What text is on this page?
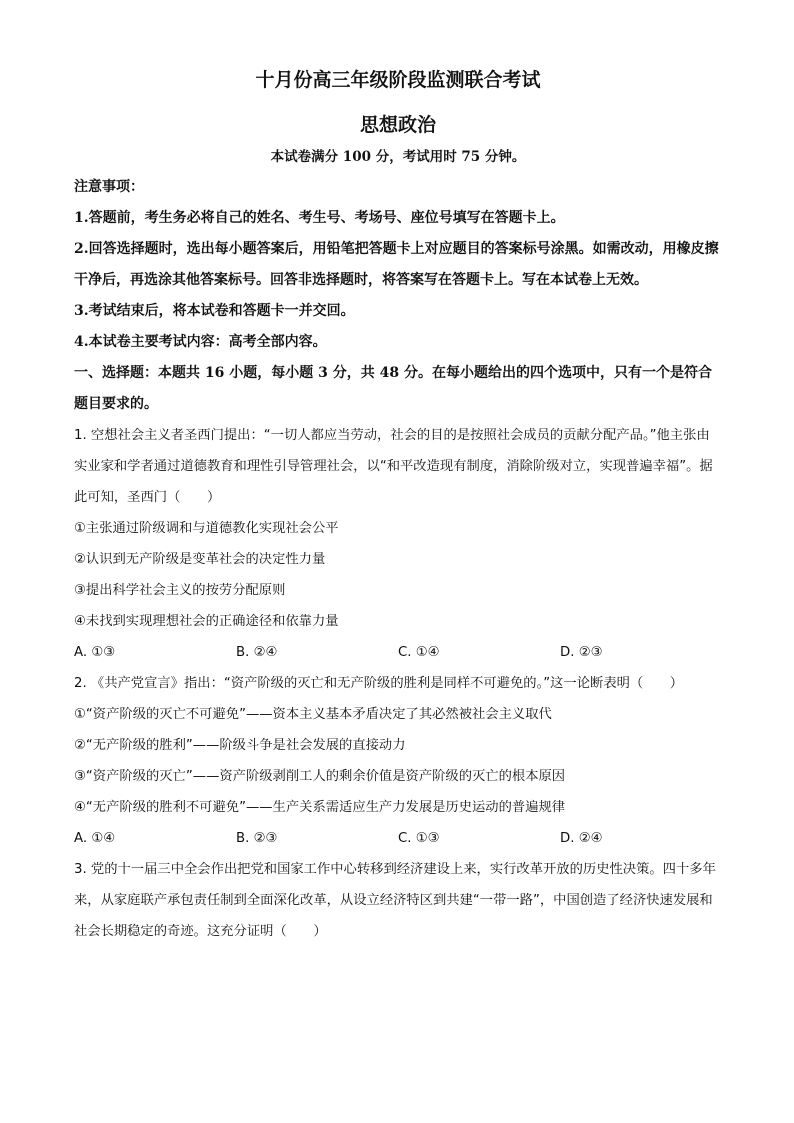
十月份高三年级阶段监测联合考试
思想政治
本试卷满分 100 分，考试用时 75 分钟。
注意事项：
1.答题前，考生务必将自己的姓名、考生号、考场号、座位号填写在答题卡上。
2.回答选择题时，选出每小题答案后，用铅笔把答题卡上对应题目的答案标号涂黑。如需改动，用橡皮擦干净后，再选涂其他答案标号。回答非选择题时，将答案写在答题卡上。写在本试卷上无效。
3.考试结束后，将本试卷和答题卡一并交回。
4.本试卷主要考试内容：高考全部内容。
一、选择题：本题共 16 小题，每小题 3 分，共 48 分。在每小题给出的四个选项中，只有一个是符合题目要求的。
1. 空想社会主义者圣西门提出：“一切人都应当劳动，社会的目的是按照社会成员的贡献分配产品。”他主张由实业家和学者通过道德教育和理性引导管理社会，以“和平改造现有制度，消除阶级对立，实现普遍幸福”。据此可知，圣西门（　　）
①主张通过阶级调和与道德教化实现社会公平
②认识到无产阶级是变革社会的决定性力量
③提出科学社会主义的按劳分配原则
④未找到实现理想社会的正确途径和依靠力量
A. ①③	B. ②④	C. ①④	D. ②③
2. 《共产党宣言》指出：“资产阶级的灭亡和无产阶级的胜利是同样不可避免的。”这一论断表明（　　）
①“资产阶级的灭亡不可避免”——资本主义基本矛盾决定了其必然被社会主义取代
②“无产阶级的胜利”——阶级斗争是社会发展的直接动力
③“资产阶级的灭亡”——资产阶级剥削工人的剩余价值是资产阶级的灭亡的根本原因
④“无产阶级的胜利不可避免”——生产关系需适应生产力发展是历史运动的普遍规律
A. ①④	B. ②③	C. ①③	D. ②④
3. 党的十一届三中全会作出把党和国家工作中心转移到经济建设上来，实行改革开放的历史性决策。四十多年来，从家庭联产承包责任制到全面深化改革，从设立经济特区到共建“一带一路”，中国创造了经济快速发展和社会长期稳定的奇迹。这充分证明（　　）
